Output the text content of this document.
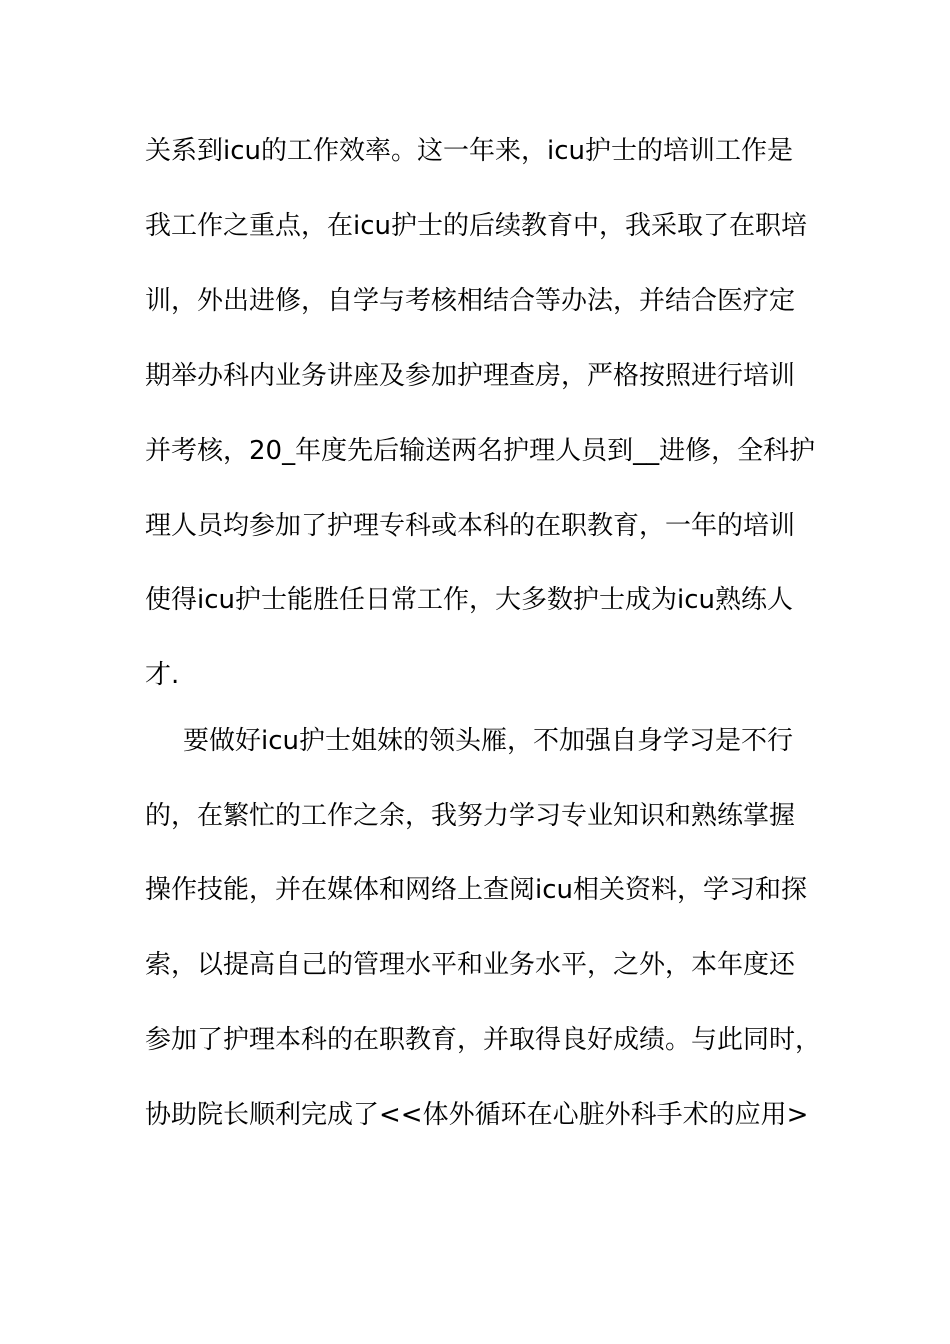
关系到icu的工作效率。这一年来，icu护士的培训工作是
我工作之重点，在icu护士的后续教育中，我采取了在职培
训，外出进修，自学与考核相结合等办法，并结合医疗定
期举办科内业务讲座及参加护理查房，严格按照进行培训
并考核，20_年度先后输送两名护理人员到__进修，全科护
理人员均参加了护理专科或本科的在职教育，一年的培训
使得icu护士能胜任日常工作，大多数护士成为icu熟练人
才.
要做好icu护士姐妹的领头雁，不加强自身学习是不行
的，在繁忙的工作之余，我努力学习专业知识和熟练掌握
操作技能，并在媒体和网络上查阅icu相关资料，学习和探
索，以提高自己的管理水平和业务水平，之外，本年度还
参加了护理本科的在职教育，并取得良好成绩。与此同时，
协助院长顺利完成了<<体外循环在心脏外科手术的应用>
